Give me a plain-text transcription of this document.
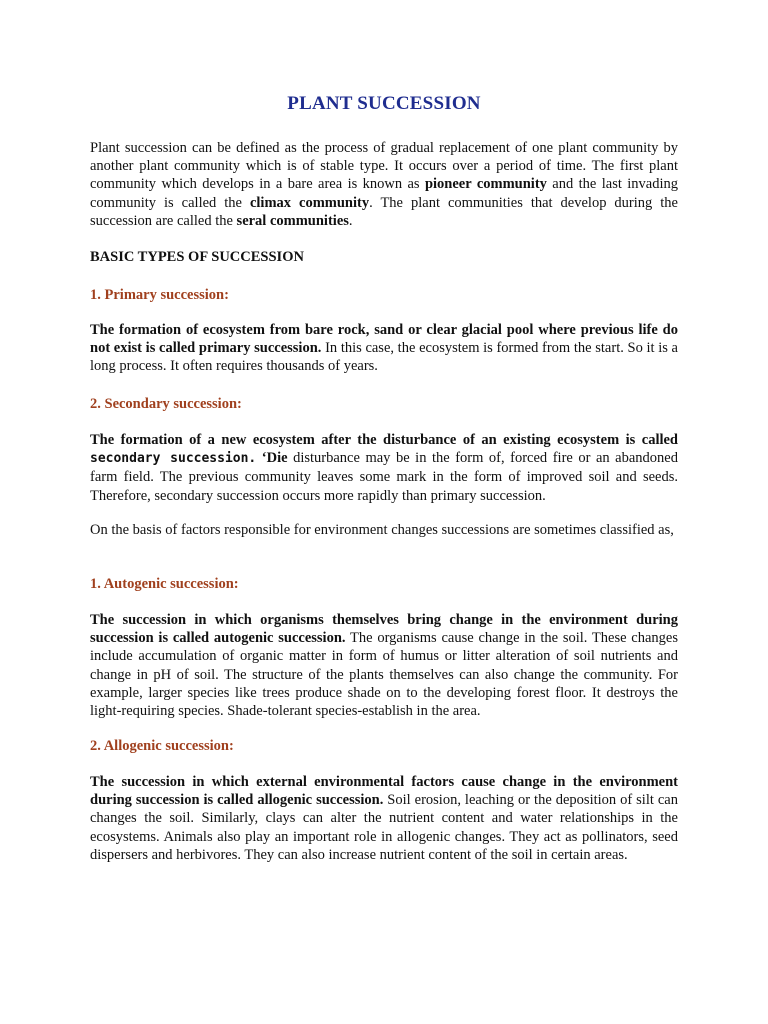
PLANT SUCCESSION

Plant succession can be defined as the process of gradual replacement of one plant community by another plant community which is of stable type. It occurs over a period of time. The first plant community which develops in a bare area is known as pioneer community and the last invading community is called the climax community. The plant communities that develop during the succession are called the seral communities.

BASIC TYPES OF SUCCESSION
1. Primary succession:

The formation of ecosystem from bare rock, sand or clear glacial pool where previous life do not exist is called primary succession. In this case, the ecosystem is formed from the start. So it is a long process. It often requires thousands of years.

2. Secondary succession:

The formation of a new ecosystem after the disturbance of an existing ecosystem is called secondary succession. ‘Die disturbance may be in the form of, forced fire or an abandoned farm field. The previous community leaves some mark in the form of improved soil and seeds. Therefore, secondary succession occurs more rapidly than primary succession.

On the basis of factors responsible for environment changes successions are sometimes classified as,

1. Autogenic succession:

The succession in which organisms themselves bring change in the environment during succession is called autogenic succession. The organisms cause change in the soil. These changes include accumulation of organic matter in form of humus or litter alteration of soil nutrients and change in pH of soil. The structure of the plants themselves can also change the community. For example, larger species like trees produce shade on to the developing forest floor. It destroys the light-requiring species. Shade-tolerant species-establish in the area.

2. Allogenic succession:

The succession in which external environmental factors cause change in the environment during succession is called allogenic succession. Soil erosion, leaching or the deposition of silt can changes the soil. Similarly, clays can alter the nutrient content and water relationships in the ecosystems. Animals also play an important role in allogenic changes. They act as pollinators, seed dispersers and herbivores. They can also increase nutrient content of the soil in certain areas.
